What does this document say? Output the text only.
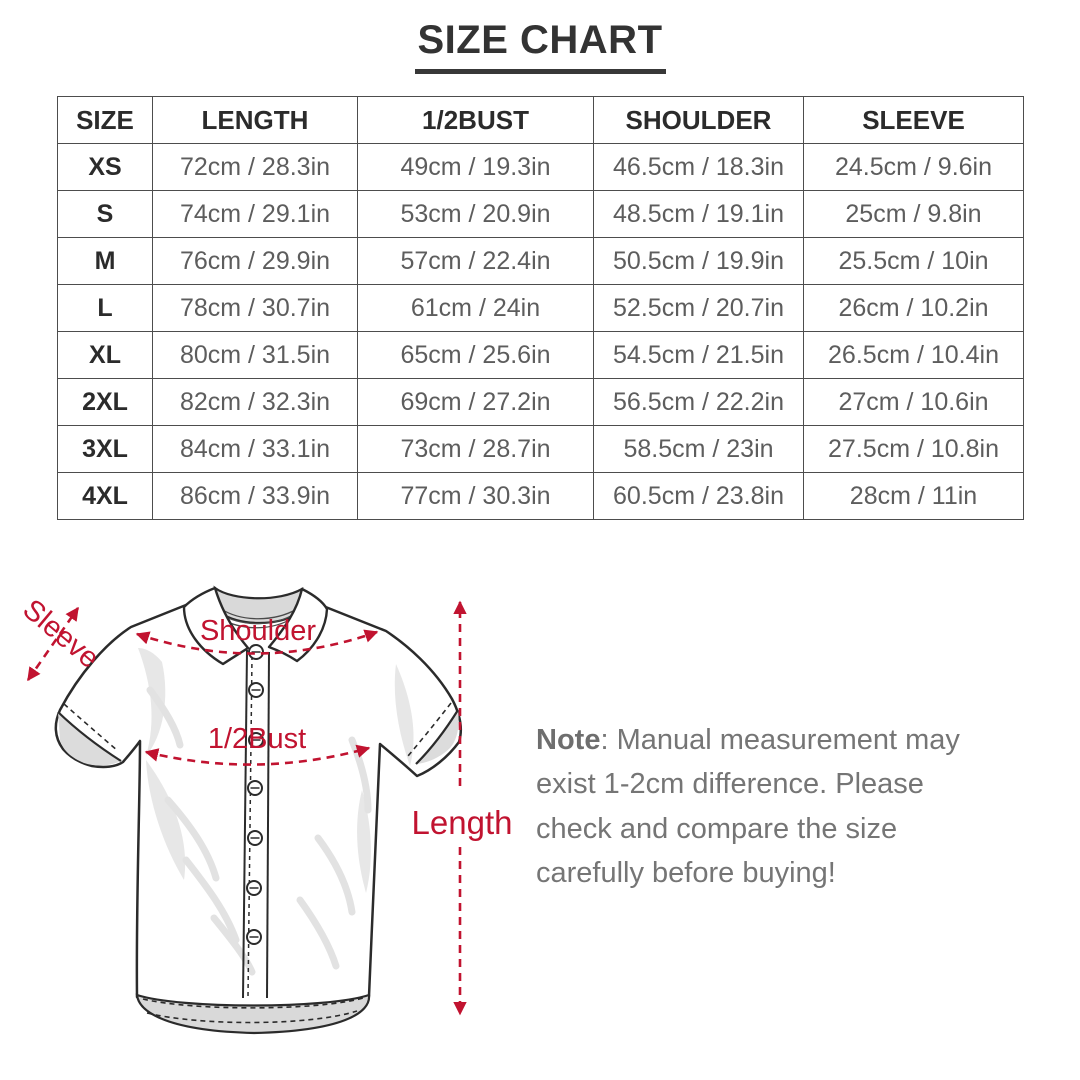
SIZE CHART
SIZE	LENGTH	1/2BUST	SHOULDER	SLEEVE
XS	72cm / 28.3in	49cm / 19.3in	46.5cm / 18.3in	24.5cm / 9.6in
S	74cm / 29.1in	53cm / 20.9in	48.5cm / 19.1in	25cm / 9.8in
M	76cm / 29.9in	57cm / 22.4in	50.5cm / 19.9in	25.5cm / 10in
L	78cm / 30.7in	61cm / 24in	52.5cm / 20.7in	26cm / 10.2in
XL	80cm / 31.5in	65cm / 25.6in	54.5cm / 21.5in	26.5cm / 10.4in
2XL	82cm / 32.3in	69cm / 27.2in	56.5cm / 22.2in	27cm / 10.6in
3XL	84cm / 33.1in	73cm / 28.7in	58.5cm / 23in	27.5cm / 10.8in
4XL	86cm / 33.9in	77cm / 30.3in	60.5cm / 23.8in	28cm / 11in
Sleeve	Shoulder
1/2Bust
Length

Note: Manual measurement may exist 1-2cm difference. Please check and compare the size carefully before buying!
